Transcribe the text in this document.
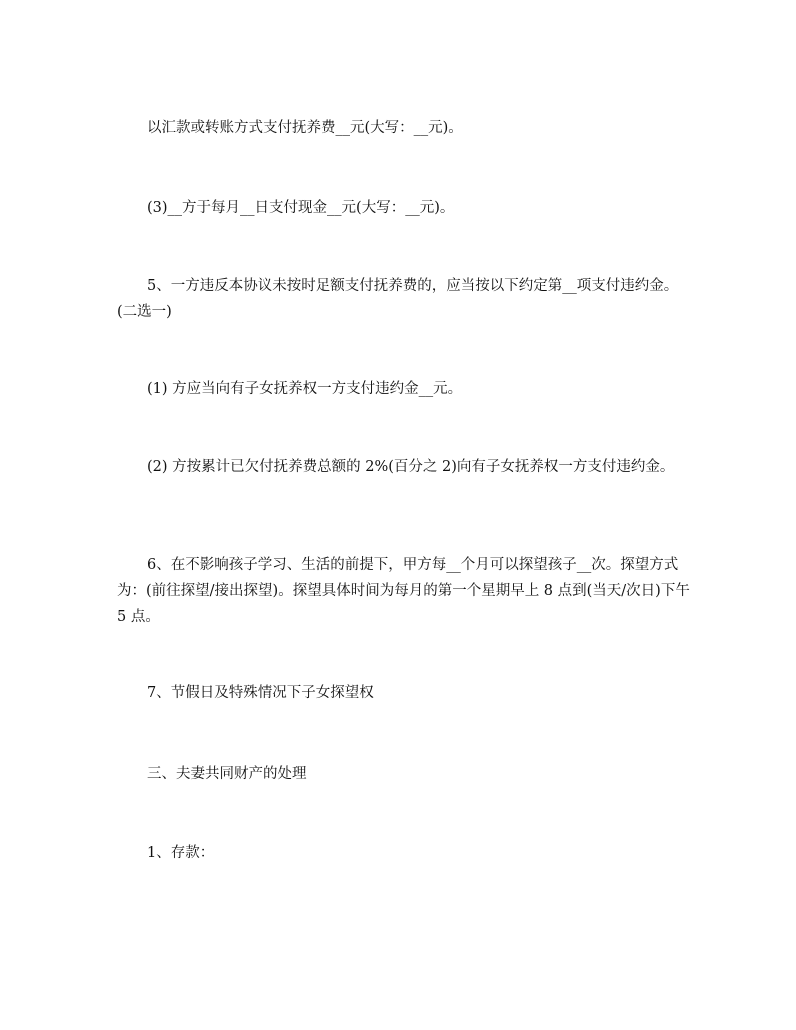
以汇款或转账方式支付抚养费__元(大写：__元)。

(3)__方于每月__日支付现金__元(大写：__元)。

5、一方违反本协议未按时足额支付抚养费的，应当按以下约定第__项支付违约金。(二选一)

(1) 方应当向有子女抚养权一方支付违约金__元。

(2) 方按累计已欠付抚养费总额的 2%(百分之 2)向有子女抚养权一方支付违约金。

6、在不影响孩子学习、生活的前提下，甲方每__个月可以探望孩子__次。探望方式为：(前往探望/接出探望)。探望具体时间为每月的第一个星期早上 8 点到(当天/次日)下午 5 点。

7、节假日及特殊情况下子女探望权

三、夫妻共同财产的处理

1、存款：
